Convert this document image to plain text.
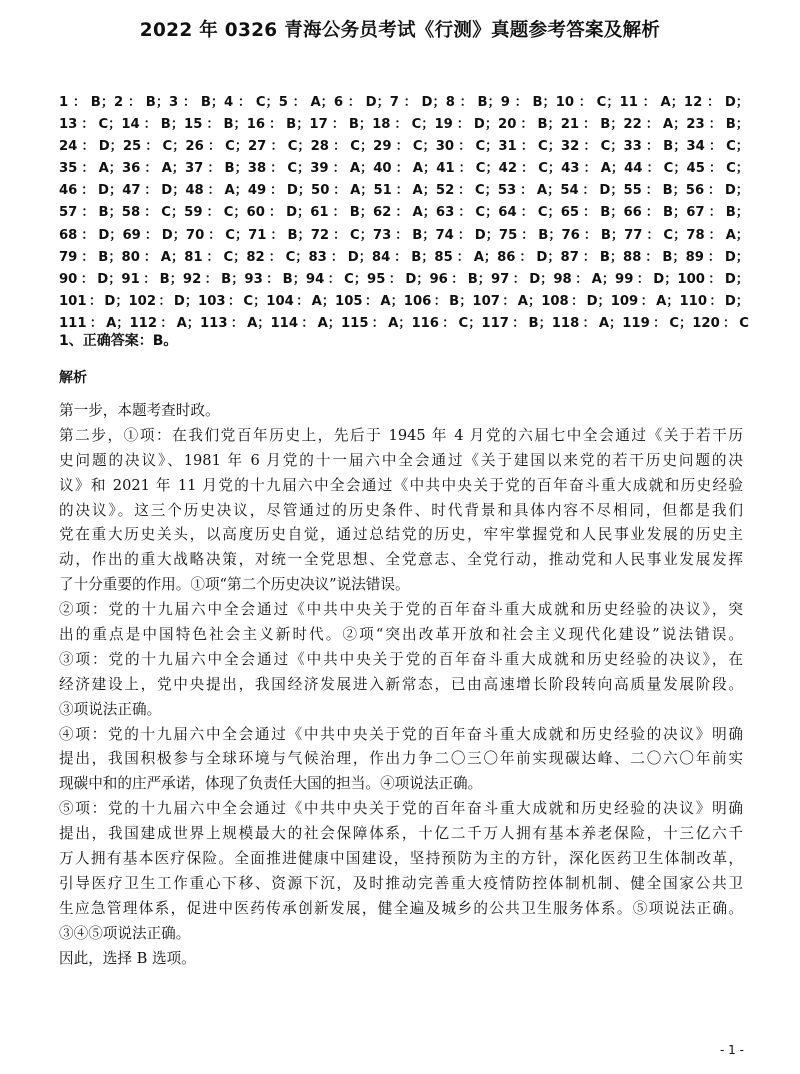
2022 年 0326 青海公务员考试《行测》真题参考答案及解析
1：B；2：B；3：B；4：C；5：A；6：D；7：D；8：B；9：B；10：C；11：A；12：D；
13：C；14：B；15：B；16：B；17：B；18：C；19：D；20：B；21：B；22：A；23：B；
24：D；25：C；26：C；27：C；28：C；29：C；30：C；31：C；32：C；33：B；34：C；
35：A；36：A；37：B；38：C；39：A；40：A；41：C；42：C；43：A；44：C；45：C；
46：D；47：D；48：A；49：D；50：A；51：A；52：C；53：A；54：D；55：B；56：D；
57：B；58：C；59：C；60：D；61：B；62：A；63：C；64：C；65：B；66：B；67：B；
68：D；69：D；70：C；71：B；72：C；73：B；74：D；75：B；76：B；77：C；78：A；
79：B；80：A；81：C；82：C；83：D；84：B；85：A；86：D；87：B；88：B；89：D；
90：D；91：B；92：B；93：B；94：C；95：D；96：B；97：D；98：A；99：D；100：D；
101：D；102：D；103：C；104：A；105：A；106：B；107：A；108：D；109：A；110：D；
111：A；112：A；113：A；114：A；115：A；116：C；117：B；118：A；119：C；120：C
1、正确答案：B。
解析
第一步，本题考查时政。
第二步，①项：在我们党百年历史上，先后于 1945 年 4 月党的六届七中全会通过《关于若干历
史问题的决议》、1981 年 6 月党的十一届六中全会通过《关于建国以来党的若干历史问题的决
议》和 2021 年 11 月党的十九届六中全会通过《中共中央关于党的百年奋斗重大成就和历史经验
的决议》。这三个历史决议，尽管通过的历史条件、时代背景和具体内容不尽相同，但都是我们
党在重大历史关头，以高度历史自觉，通过总结党的历史，牢牢掌握党和人民事业发展的历史主
动，作出的重大战略决策，对统一全党思想、全党意志、全党行动，推动党和人民事业发展发挥
了十分重要的作用。①项“第二个历史决议”说法错误。
②项：党的十九届六中全会通过《中共中央关于党的百年奋斗重大成就和历史经验的决议》，突
出的重点是中国特色社会主义新时代。②项“突出改革开放和社会主义现代化建设”说法错误。
③项：党的十九届六中全会通过《中共中央关于党的百年奋斗重大成就和历史经验的决议》，在
经济建设上，党中央提出，我国经济发展进入新常态，已由高速增长阶段转向高质量发展阶段。
③项说法正确。
④项：党的十九届六中全会通过《中共中央关于党的百年奋斗重大成就和历史经验的决议》明确
提出，我国积极参与全球环境与气候治理，作出力争二〇三〇年前实现碳达峰、二〇六〇年前实
现碳中和的庄严承诺，体现了负责任大国的担当。④项说法正确。
⑤项：党的十九届六中全会通过《中共中央关于党的百年奋斗重大成就和历史经验的决议》明确
提出，我国建成世界上规模最大的社会保障体系，十亿二千万人拥有基本养老保险，十三亿六千
万人拥有基本医疗保险。全面推进健康中国建设，坚持预防为主的方针，深化医药卫生体制改革，
引导医疗卫生工作重心下移、资源下沉，及时推动完善重大疫情防控体制机制、健全国家公共卫
生应急管理体系，促进中医药传承创新发展，健全遍及城乡的公共卫生服务体系。⑤项说法正确。
③④⑤项说法正确。
因此，选择 B 选项。
- 1 -
